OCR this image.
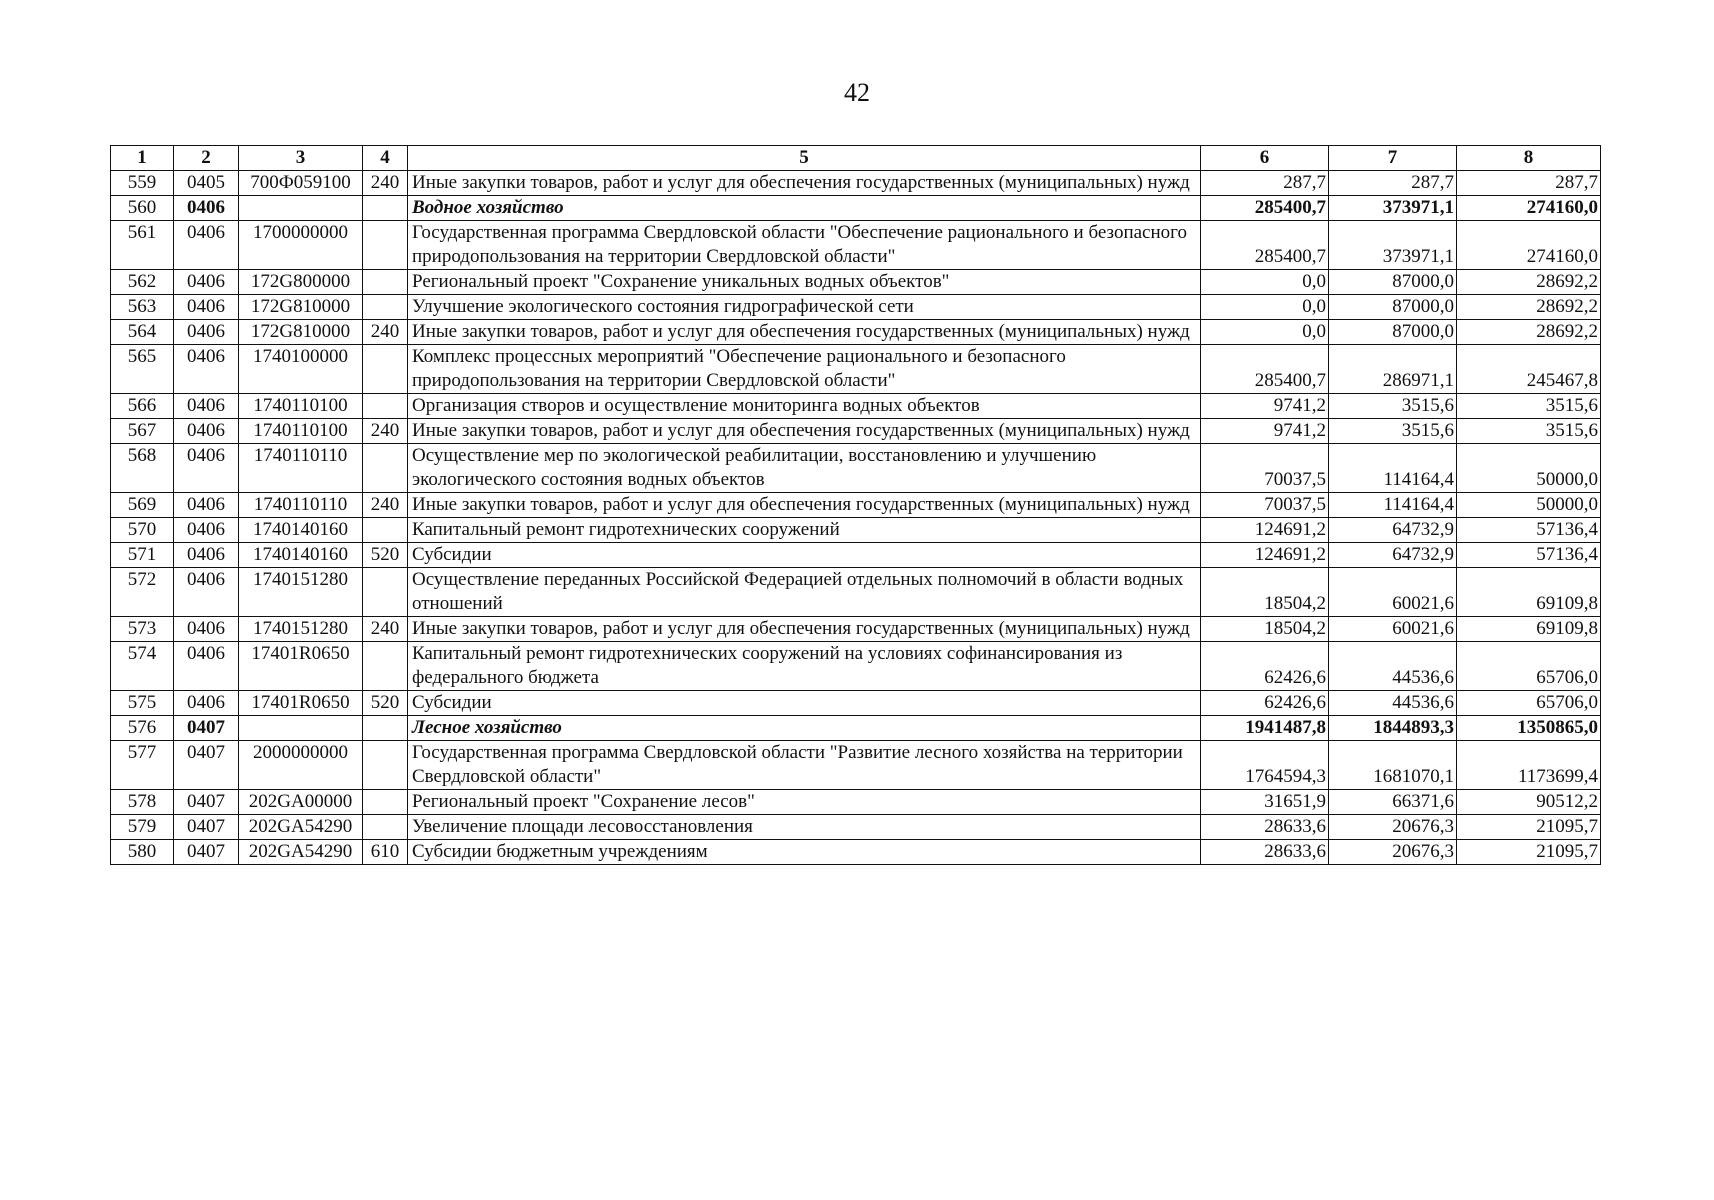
42
1	2	3	4	5	6	7	8
559	0405	700Ф059100	240	Иные закупки товаров, работ и услуг для обеспечения государственных (муниципальных) нужд	287,7	287,7	287,7
560	0406			Водное хозяйство	285400,7	373971,1	274160,0
561	0406	1700000000		Государственная программа Свердловской области "Обеспечение рационального и безопасного природопользования на территории Свердловской области"	285400,7	373971,1	274160,0
562	0406	172G800000		Региональный проект "Сохранение уникальных водных объектов"	0,0	87000,0	28692,2
563	0406	172G810000		Улучшение экологического состояния гидрографической сети	0,0	87000,0	28692,2
564	0406	172G810000	240	Иные закупки товаров, работ и услуг для обеспечения государственных (муниципальных) нужд	0,0	87000,0	28692,2
565	0406	1740100000		Комплекс процессных мероприятий "Обеспечение рационального и безопасного природопользования на территории Свердловской области"	285400,7	286971,1	245467,8
566	0406	1740110100		Организация створов и осуществление мониторинга водных объектов	9741,2	3515,6	3515,6
567	0406	1740110100	240	Иные закупки товаров, работ и услуг для обеспечения государственных (муниципальных) нужд	9741,2	3515,6	3515,6
568	0406	1740110110		Осуществление мер по экологической реабилитации, восстановлению и улучшению экологического состояния водных объектов	70037,5	114164,4	50000,0
569	0406	1740110110	240	Иные закупки товаров, работ и услуг для обеспечения государственных (муниципальных) нужд	70037,5	114164,4	50000,0
570	0406	1740140160		Капитальный ремонт гидротехнических сооружений	124691,2	64732,9	57136,4
571	0406	1740140160	520	Субсидии	124691,2	64732,9	57136,4
572	0406	1740151280		Осуществление переданных Российской Федерацией отдельных полномочий в области водных отношений	18504,2	60021,6	69109,8
573	0406	1740151280	240	Иные закупки товаров, работ и услуг для обеспечения государственных (муниципальных) нужд	18504,2	60021,6	69109,8
574	0406	17401R0650		Капитальный ремонт гидротехнических сооружений на условиях софинансирования из федерального бюджета	62426,6	44536,6	65706,0
575	0406	17401R0650	520	Субсидии	62426,6	44536,6	65706,0
576	0407			Лесное хозяйство	1941487,8	1844893,3	1350865,0
577	0407	2000000000		Государственная программа Свердловской области "Развитие лесного хозяйства на территории Свердловской области"	1764594,3	1681070,1	1173699,4
578	0407	202GA00000		Региональный проект "Сохранение лесов"	31651,9	66371,6	90512,2
579	0407	202GA54290		Увеличение площади лесовосстановления	28633,6	20676,3	21095,7
580	0407	202GA54290	610	Субсидии бюджетным учреждениям	28633,6	20676,3	21095,7
